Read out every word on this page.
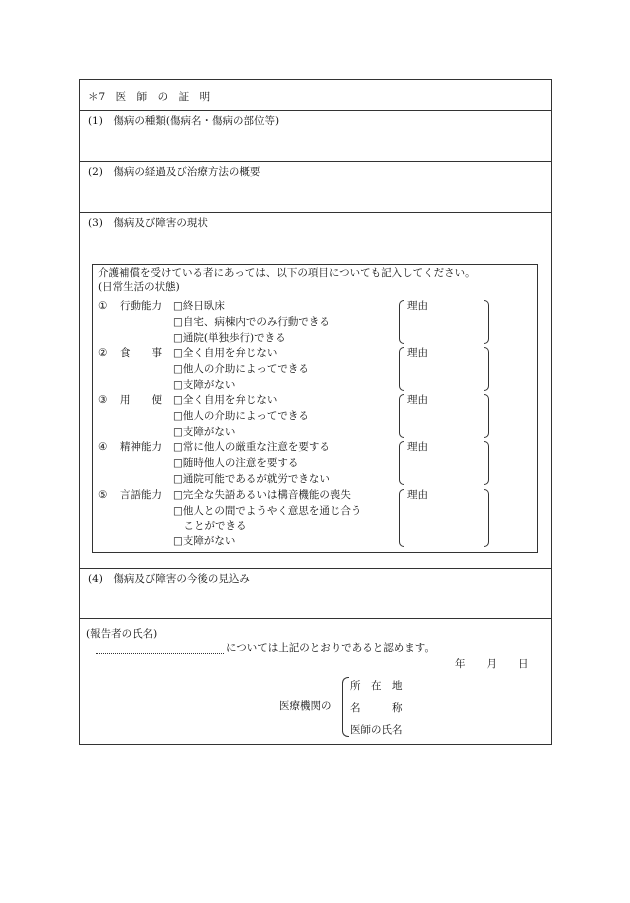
＊7　医　師　の　証　明
(1)　傷病の種類(傷病名・傷病の部位等)
(2)　傷病の経過及び治療方法の概要
(3)　傷病及び障害の現状
介護補償を受けている者にあっては、以下の項目についても記入してください。
(日常生活の状態)
① 行動能力 □終日臥床
□自宅、病棟内でのみ行動できる
□通院(単独歩行)できる
理由
② 食　　事 □全く自用を弁じない
□他人の介助によってできる
□支障がない
理由
③ 用　　便 □全く自用を弁じない
□他人の介助によってできる
□支障がない
理由
④ 精神能力 □常に他人の厳重な注意を要する
□随時他人の注意を要する
□通院可能であるが就労できない
理由
⑤ 言語能力 □完全な失語あるいは構音機能の喪失
□他人との間でようやく意思を通じ合う
　ことができる
□支障がない
理由
(4)　傷病及び障害の今後の見込み
(報告者の氏名)
については上記のとおりであると認めます。
年　　月　　日
医療機関の
所　在　地
名　　　称
医師の氏名
